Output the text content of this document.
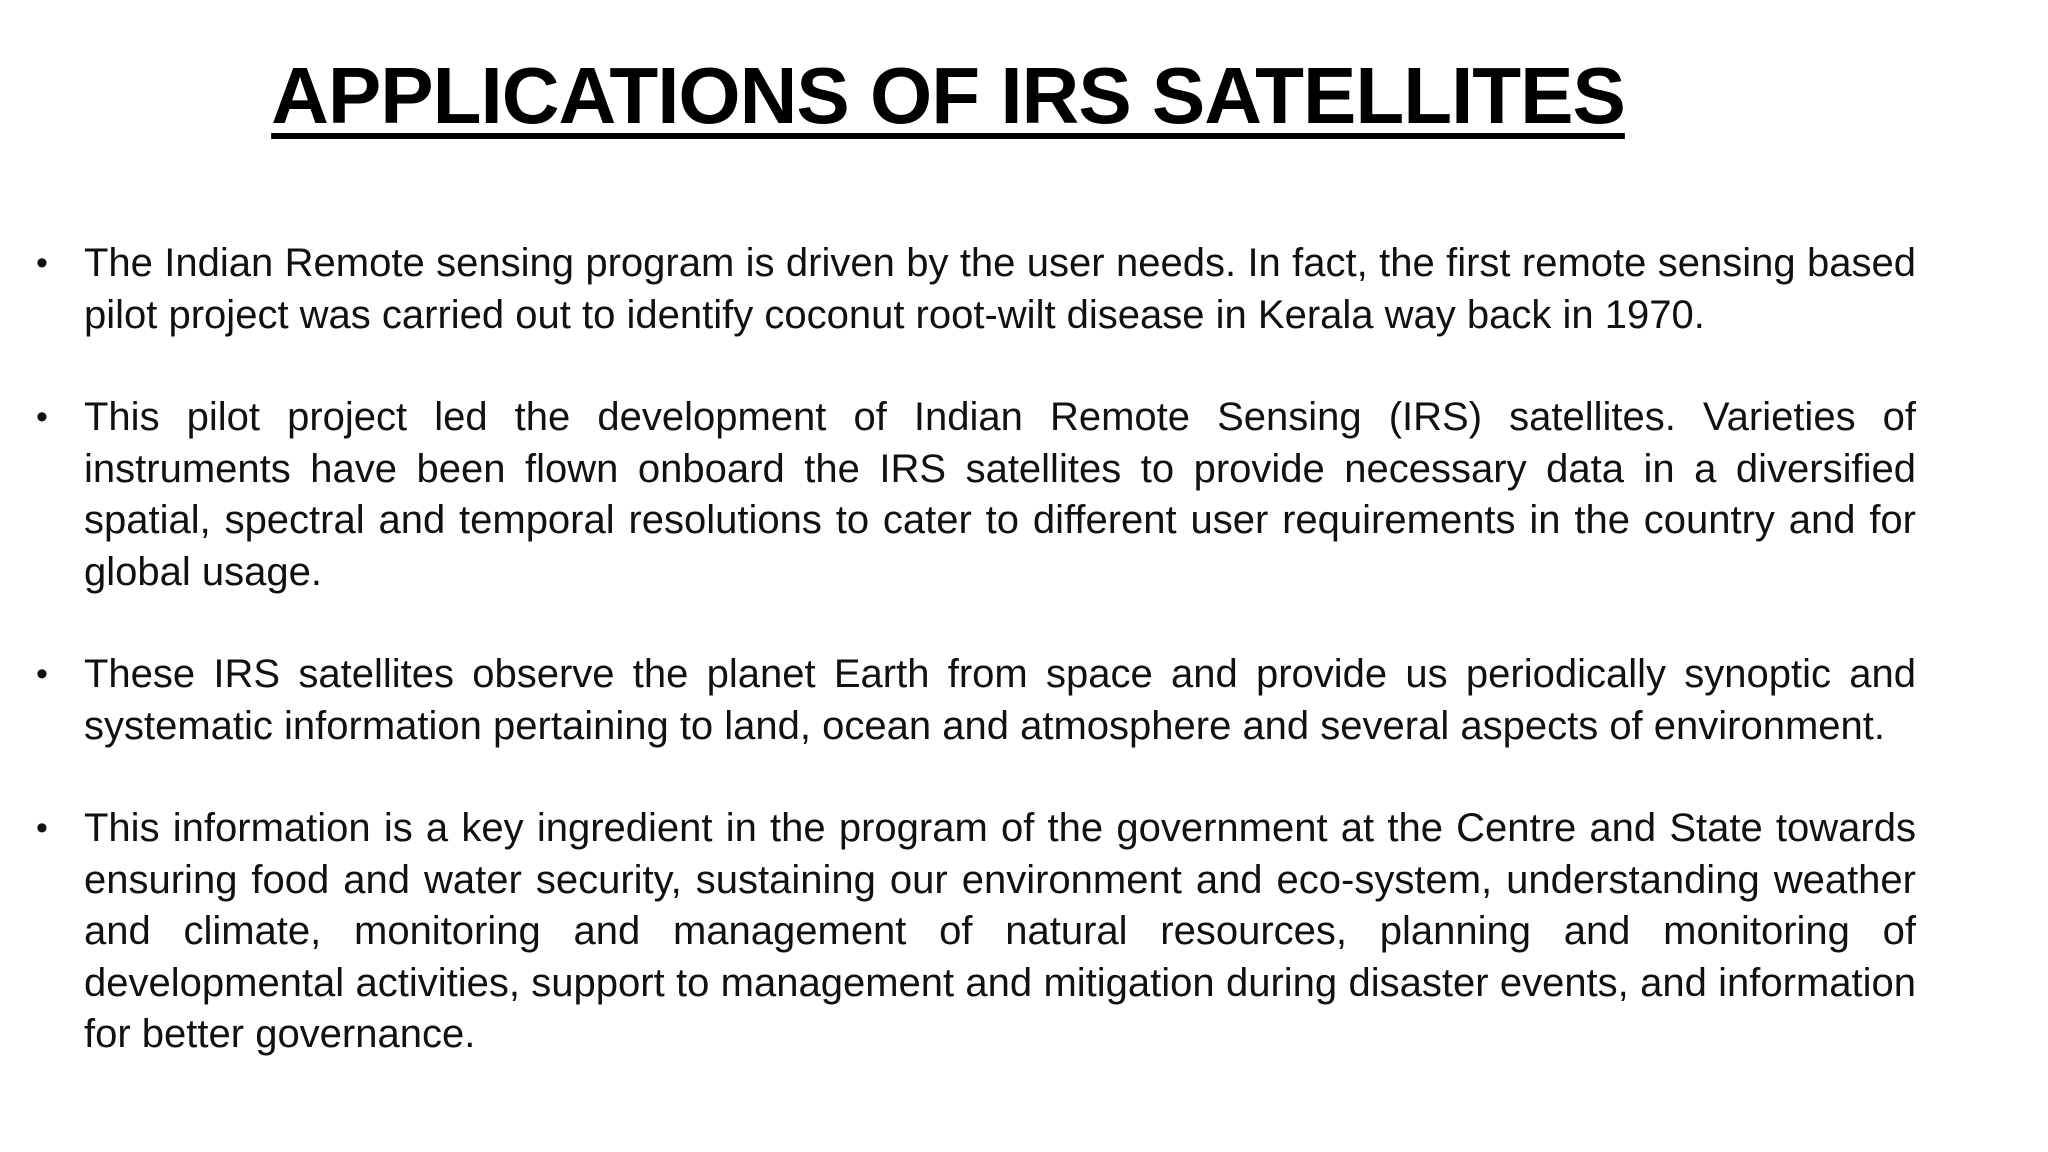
APPLICATIONS OF IRS SATELLITES
• The Indian Remote sensing program is driven by the user needs. In fact, the first remote sensing based pilot project was carried out to identify coconut root-wilt disease in Kerala way back in 1970.
• This pilot project led the development of Indian Remote Sensing (IRS) satellites. Varieties of instruments have been flown onboard the IRS satellites to provide necessary data in a diversified spatial, spectral and temporal resolutions to cater to different user requirements in the country and for global usage.
• These IRS satellites observe the planet Earth from space and provide us periodically synoptic and systematic information pertaining to land, ocean and atmosphere and several aspects of environment.
• This information is a key ingredient in the program of the government at the Centre and State towards ensuring food and water security, sustaining our environment and eco-system, understanding weather and climate, monitoring and management of natural resources, planning and monitoring of developmental activities, support to management and mitigation during disaster events, and information for better governance.
